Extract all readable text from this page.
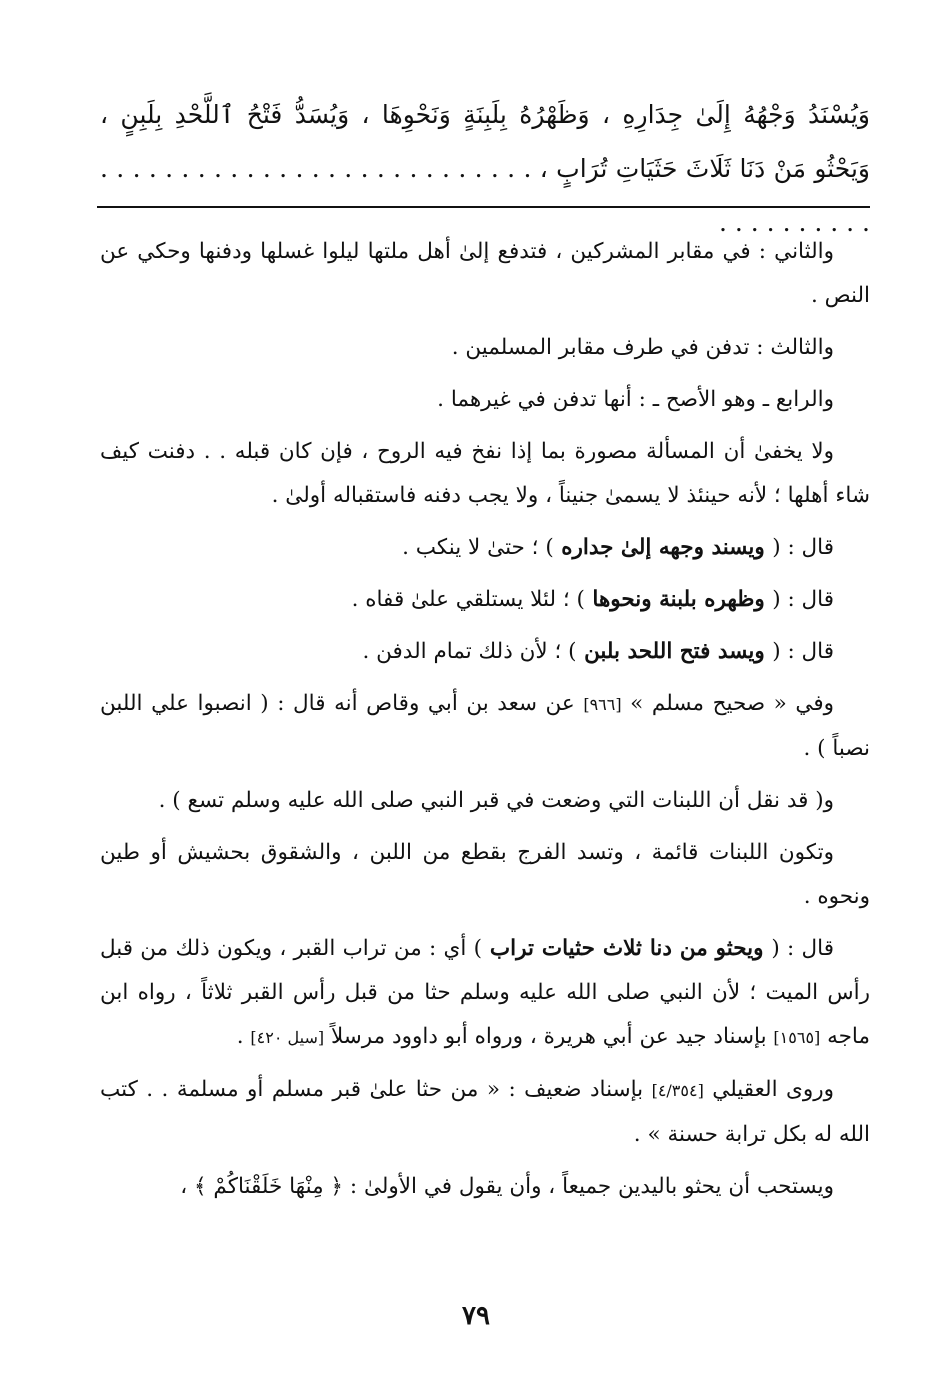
وَيُسْنَدُ وَجْهُهُ إِلَىٰ جِدَارِهِ ، وَظَهْرُهُ بِلَبِنَةٍ وَنَحْوِهَا ، وَيُسَدُّ فَتْحُ ٱللَّحْدِ بِلَبِنٍ ، وَيَحْثُو مَنْ دَنَا ثَلَاثَ حَثَيَاتِ تُرَابٍ ، . . . . . . . . . . . . . . . . . . . . . . . . . . . . . . . . . . . . .

والثاني : في مقابر المشركين ، فتدفع إلىٰ أهل ملتها ليلوا غسلها ودفنها وحكي عن النص .

والثالث : تدفن في طرف مقابر المسلمين .

والرابع ـ وهو الأصح ـ : أنها تدفن في غيرهما .

ولا يخفىٰ أن المسألة مصورة بما إذا نفخ فيه الروح ، فإن كان قبله . . دفنت كيف شاء أهلها ؛ لأنه حينئذ لا يسمىٰ جنيناً ، ولا يجب دفنه فاستقباله أولىٰ .

قال : ( ويسند وجهه إلىٰ جداره ) ؛ حتىٰ لا ينكب .

قال : ( وظهره بلبنة ونحوها ) ؛ لئلا يستلقي علىٰ قفاه .

قال : ( ويسد فتح اللحد بلبن ) ؛ لأن ذلك تمام الدفن .

وفي « صحيح مسلم » [٩٦٦] عن سعد بن أبي وقاص أنه قال : ( انصبوا علي اللبن نصباً ) .

و( قد نقل أن اللبنات التي وضعت في قبر النبي صلى الله عليه وسلم تسع ) .

وتكون اللبنات قائمة ، وتسد الفرج بقطع من اللبن ، والشقوق بحشيش أو طين ونحوه .

قال : ( ويحثو من دنا ثلاث حثيات تراب ) أي : من تراب القبر ، ويكون ذلك من قبل رأس الميت ؛ لأن النبي صلى الله عليه وسلم حثا من قبل رأس القبر ثلاثاً ، رواه ابن ماجه [١٥٦٥] بإسناد جيد عن أبي هريرة ، ورواه أبو داوود مرسلاً [سيل ٤٢٠] .

وروى العقيلي [٤/٣٥٤] بإسناد ضعيف : « من حثا علىٰ قبر مسلم أو مسلمة . . كتب الله له بكل ترابة حسنة » .

ويستحب أن يحثو باليدين جميعاً ، وأن يقول في الأولىٰ : ﴿ مِنْهَا خَلَقْنَاكُمْ ﴾ ،

٧٩
